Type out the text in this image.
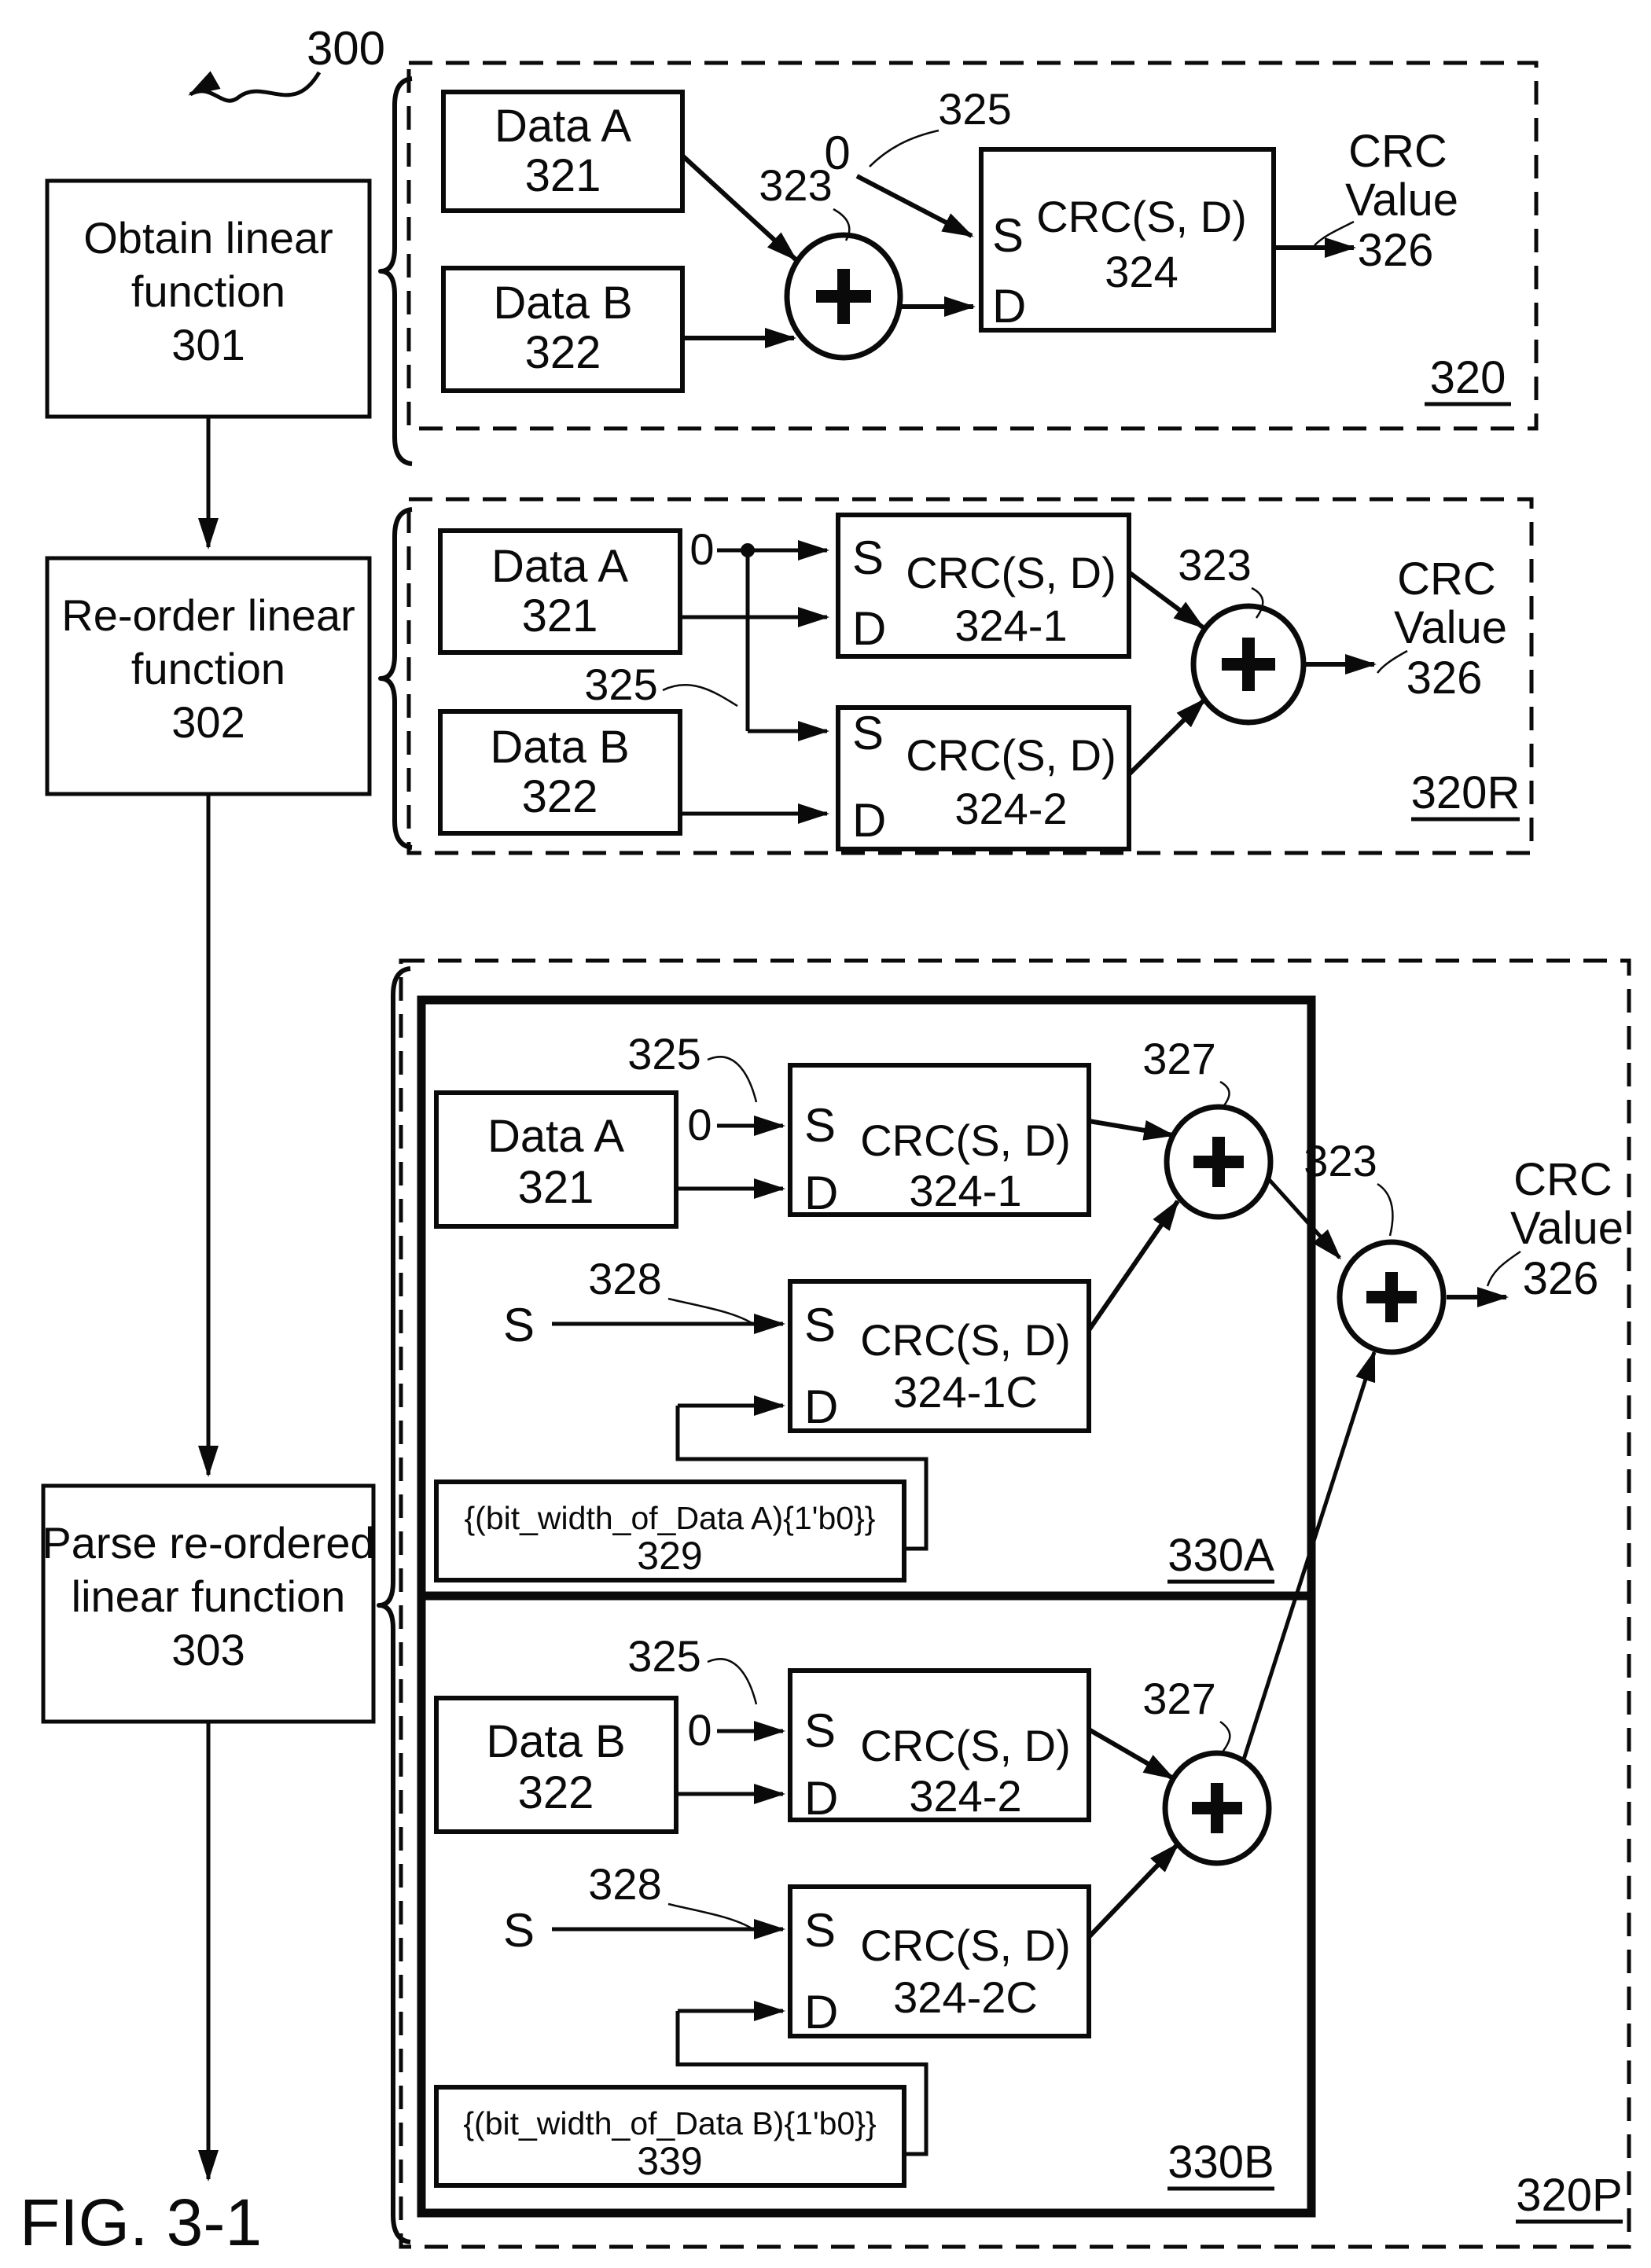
300
Obtain linear
function
301
Re-order linear
function
302
Parse re-ordered
linear function
303
Data A
321
Data B
322
S CRC(S, D)
324
D
0
325
323
CRC
Value
326
320
Data A
321
Data B
322
S CRC(S, D)
324-1
D
S CRC(S, D)
324-2
D
0
325
323	CRC
Value
326
320R
325
Data A
321
0 S CRC(S, D)
324-1
D
327
328
S	S CRC(S, D)
324-1C
D
{(bit_width_of_Data A){1'b0}}
329	330A
325
Data B
322
0 S CRC(S, D)
324-2
D
327
328
S	S CRC(S, D)
324-2C
D
{(bit_width_of_Data B){1'b0}}
339	330B
323	CRC
Value
326
320P
FIG. 3-1
